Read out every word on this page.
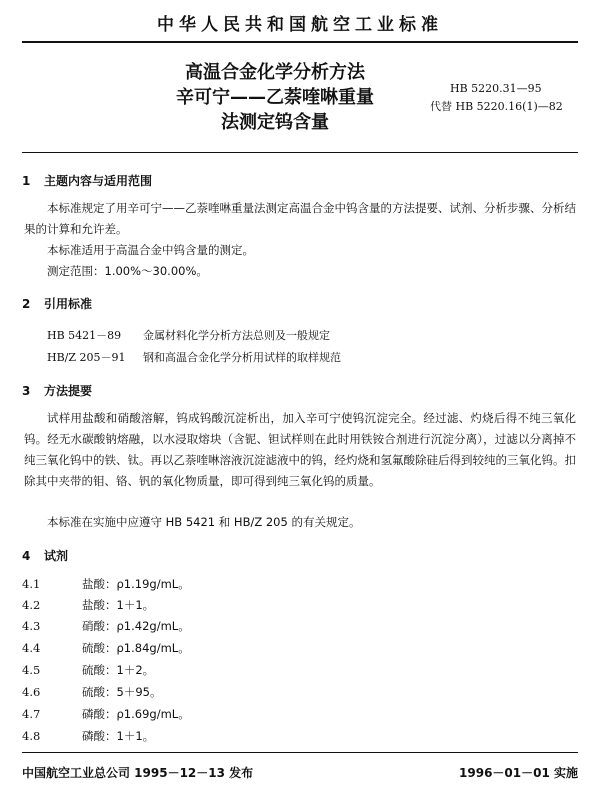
中华人民共和国航空工业标准
高温合金化学分析方法
辛可宁——乙萘喹啉重量
法测定钨含量
HB 5220.31—95
代替 HB 5220.16(1)—82
1 主题内容与适用范围
本标准规定了用辛可宁——乙萘喹啉重量法测定高温合金中钨含量的方法提要、试剂、分析步骤、分析结果的计算和允许差。
本标准适用于高温合金中钨含量的测定。
测定范围：1.00%～30.00%。
2 引用标准
HB 5421－89 金属材料化学分析方法总则及一般规定
HB/Z 205－91 钢和高温合金化学分析用试样的取样规范
3 方法提要
试样用盐酸和硝酸溶解，钨成钨酸沉淀析出，加入辛可宁使钨沉淀完全。经过滤、灼烧后得不纯三氧化钨。经无水碳酸钠熔融，以水浸取熔块（含铌、钽试样则在此时用铁铵合剂进行沉淀分离），过滤以分离掉不纯三氧化钨中的铁、钛。再以乙萘喹啉溶液沉淀滤液中的钨，经灼烧和氢氟酸除硅后得到较纯的三氧化钨。扣除其中夹带的钼、铬、钒的氧化物质量，即可得到纯三氧化钨的质量。
本标准在实施中应遵守 HB 5421 和 HB/Z 205 的有关规定。
4 试剂
4.1	盐酸：ρ1.19g/mL。
4.2	盐酸：1＋1。
4.3	硝酸：ρ1.42g/mL。
4.4	硫酸：ρ1.84g/mL。
4.5	硫酸：1＋2。
4.6	硫酸：5＋95。
4.7	磷酸：ρ1.69g/mL。
4.8	磷酸：1＋1。
中国航空工业总公司 1995－12－13 发布	1996－01－01 实施
